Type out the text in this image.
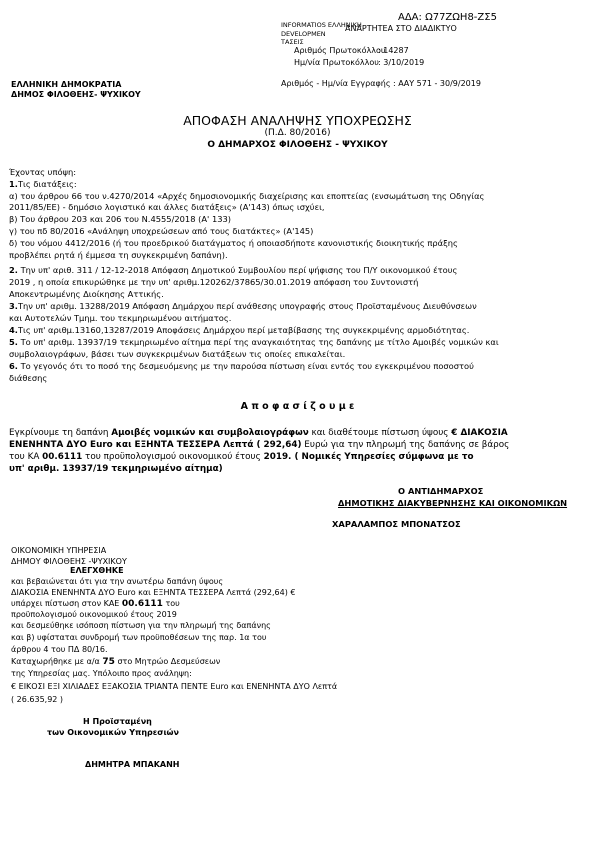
ΑΔΑ: Ω77ΖΩΗ8-ΖΣ5
INFORMATIOS ΕΛΛΗΝΙΚΗ
ΑΝΑΡΤΗΤΕΑ ΣΤΟ ΔΙΑΔΙΚΤΥΟ
DEVELOPMEN
ΤΑΣΕΙΣ
Αριθμός Πρωτοκόλλου
: 14287
Ημ/νία Πρωτοκόλλου : 3/10/2019
ΕΛΛΗΝΙΚΗ ΔΗΜΟΚΡΑΤΙΑ	Αριθμός - Ημ/νία Εγγραφής : ΑΑΥ 571 - 30/9/2019
ΔΗΜΟΣ ΦΙΛΟΘΕΗΣ- ΨΥΧΙΚΟΥ
ΑΠΟΦΑΣΗ ΑΝΑΛΗΨΗΣ ΥΠΟΧΡΕΩΣΗΣ
(Π.Δ. 80/2016)
Ο ΔΗΜΑΡΧΟΣ ΦΙΛΟΘΕΗΣ - ΨΥΧΙΚΟΥ
Έχοντας υπόψη:
1.Τις διατάξεις:
α) του άρθρου 66 του ν.4270/2014 «Αρχές δημοσιονομικής διαχείρισης και εποπτείας (ενσωμάτωση της Οδηγίας
2011/85/ΕΕ) - δημόσιο λογιστικό και άλλες διατάξεις» (Α'143) όπως ισχύει,
β) Του άρθρου 203 και 206 του Ν.4555/2018 (Α' 133)
γ) του πδ 80/2016 «Ανάληψη υποχρεώσεων από τους διατάκτες» (Α'145)
δ) του νόμου 4412/2016 (ή του προεδρικού διατάγματος ή οποιασδήποτε κανονιστικής διοικητικής πράξης
προβλέπει ρητά ή έμμεσα τη συγκεκριμένη δαπάνη).
2. Την υπ' αριθ. 311 / 12-12-2018 Απόφαση Δημοτικού Συμβουλίου περί ψήφισης του Π/Υ οικονομικού έτους
2019 , η οποία επικυρώθηκε με την υπ' αριθμ.120262/37865/30.01.2019 απόφαση του Συντονιστή
Αποκεντρωμένης Διοίκησης Αττικής.
3.Την υπ' αριθμ. 13288/2019 Απόφαση Δημάρχου περί ανάθεσης υπογραφής στους Προϊσταμένους Διευθύνσεων
και Αυτοτελών Τμημ. του τεκμηριωμένου αιτήματος.
4.Τις υπ' αριθμ.13160,13287/2019 Αποφάσεις Δημάρχου περί μεταβίβασης της συγκεκριμένης αρμοδιότητας.
5. Το υπ' αριθμ. 13937/19 τεκμηριωμένο αίτημα περί της αναγκαιότητας της δαπάνης με τίτλο Αμοιβές νομικών και
συμβολαιογράφων, βάσει των συγκεκριμένων διατάξεων τις οποίες επικαλείται.
6. Το γεγονός ότι το ποσό της δεσμευόμενης με την παρούσα πίστωση είναι εντός του εγκεκριμένου ποσοστού
διάθεσης
Α π ο φ α σ ί ζ ο υ μ ε
Εγκρίνουμε τη δαπάνη Αμοιβές νομικών και συμβολαιογράφων και διαθέτουμε πίστωση ύψους € ΔΙΑΚΟΣΙΑ
ΕΝΕΝΗΝΤΑ ΔΥΟ Euro και ΕΞΗΝΤΑ ΤΕΣΣΕΡΑ Λεπτά ( 292,64) Ευρώ για την πληρωμή της δαπάνης σε βάρος
του ΚΑ 00.6111 του προϋπολογισμού οικονομικού έτους 2019. ( Νομικές Υπηρεσίες σύμφωνα με το
υπ' αριθμ. 13937/19 τεκμηριωμένο αίτημα)
Ο ΑΝΤΙΔΗΜΑΡΧΟΣ
ΔΗΜΟΤΙΚΗΣ ΔΙΑΚΥΒΕΡΝΗΣΗΣ ΚΑΙ ΟΙΚΟΝΟΜΙΚΩΝ
ΧΑΡΑΛΑΜΠΟΣ ΜΠΟΝΑΤΣΟΣ
ΟΙΚΟΝΟΜΙΚΗ ΥΠΗΡΕΣΙΑ
ΔΗΜΟΥ ΦΙΛΟΘΕΗΣ -ΨΥΧΙΚΟΥ
ΕΛΕΓΧΘΗΚΕ
και βεβαιώνεται ότι για την ανωτέρω δαπάνη ύψους
ΔΙΑΚΟΣΙΑ ΕΝΕΝΗΝΤΑ ΔΥΟ Euro και ΕΞΗΝΤΑ ΤΕΣΣΕΡΑ Λεπτά (292,64) €
υπάρχει πίστωση στον ΚΑΕ 00.6111 του
προϋπολογισμού οικονομικού έτους 2019
και δεσμεύθηκε ισόποση πίστωση για την πληρωμή της δαπάνης
και β) υφίσταται συνδρομή των προϋποθέσεων της παρ. 1α του
άρθρου 4 του ΠΔ 80/16.
Καταχωρήθηκε με α/α 75 στο Μητρώο Δεσμεύσεων
της Υπηρεσίας μας. Υπόλοιπο προς ανάληψη:
€ ΕΙΚΟΣΙ ΕΞΙ ΧΙΛΙΑΔΕΣ ΕΞΑΚΟΣΙΑ ΤΡΙΑΝΤΑ ΠΕΝΤΕ Euro και ΕΝΕΝΗΝΤΑ ΔΥΟ Λεπτά
( 26.635,92 )
Η Προϊσταμένη
των Οικονομικών Υπηρεσιών
ΔΗΜΗΤΡΑ ΜΠΑΚΑΝΗ
